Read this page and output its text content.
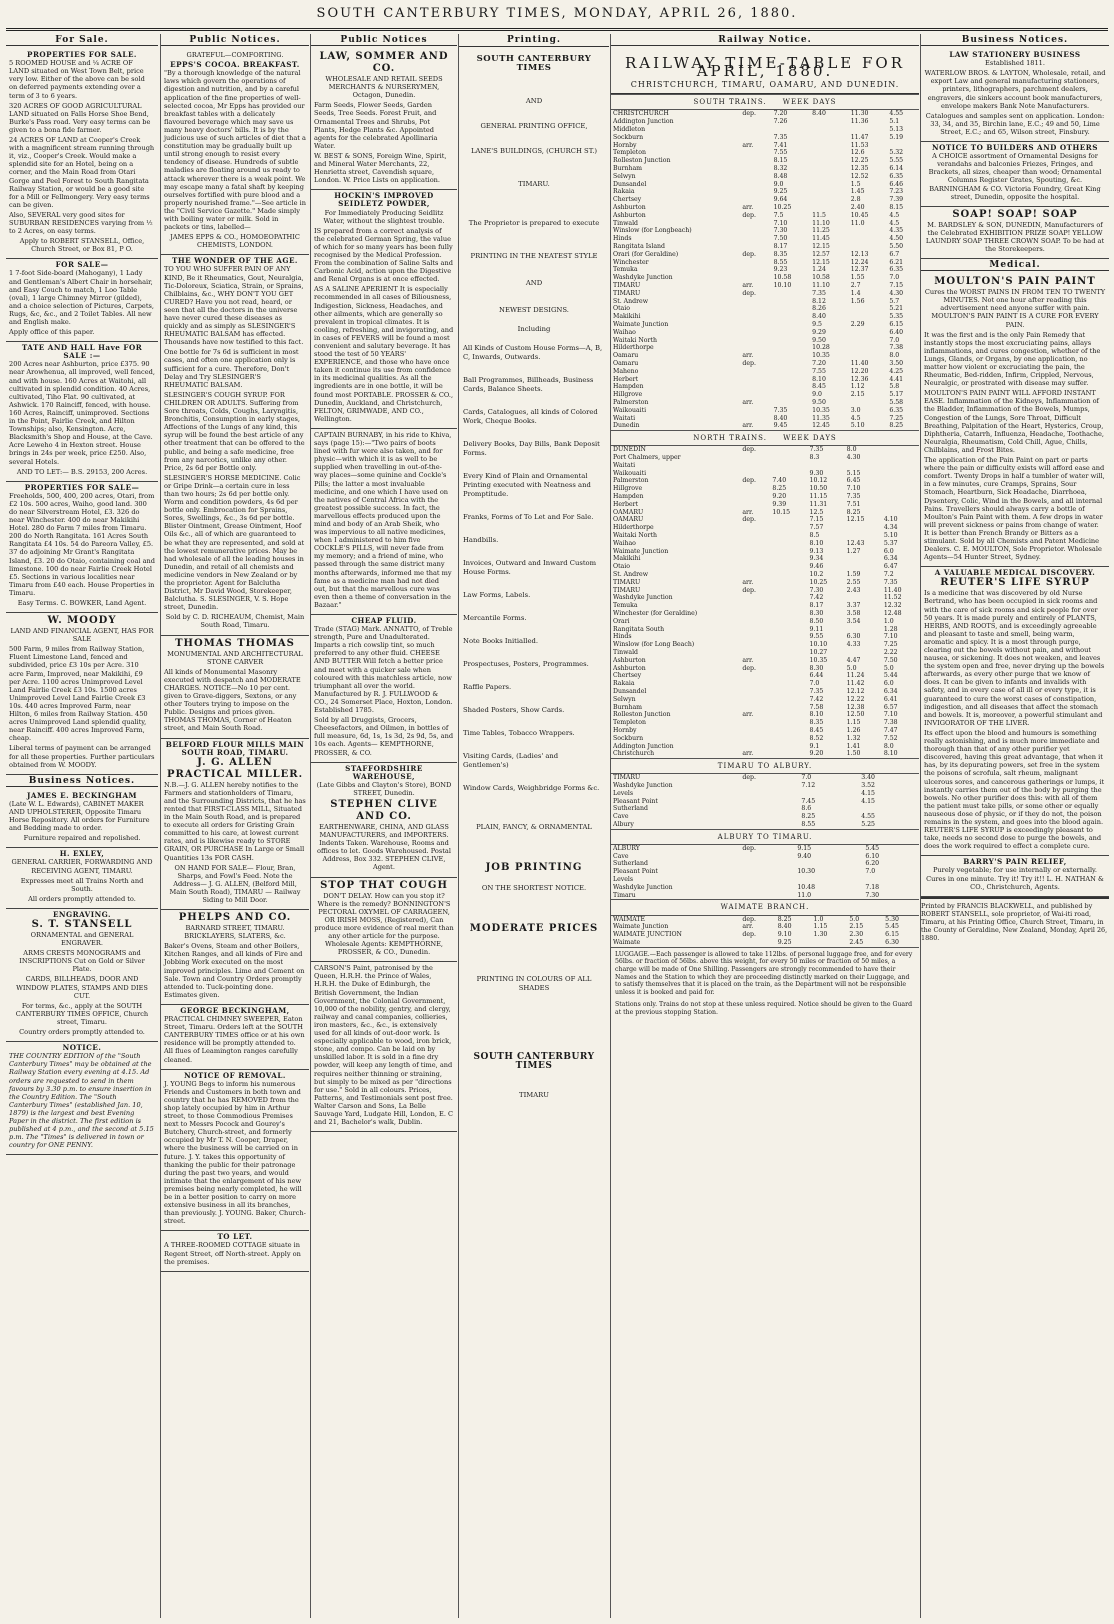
SOUTH CANTERBURY TIMES, MONDAY, APRIL 26, 1880.
For Sale.
PROPERTIES FOR SALE.

5 ROOMED HOUSE and ¼ ACRE OF LAND situated on West Town Belt, price very low. Either of the above can be sold on deferred payments extending over a term of 3 to 6 years.

320 ACRES OF GOOD AGRICULTURAL LAND situated on Falls Horse Shoe Bend, Burke's Pass road. Very easy terms can be given to a bona fide farmer.

24 ACRES OF LAND at Cooper's Creek with a magnificent stream running through it, viz., Cooper's Creek. Would make a splendid site for an Hotel, being on a corner, and the Main Road from Otari Gorge and Peel Forest to South Rangitata Railway Station, or would be a good site for a Mill or Fellmongery. Very easy terms can be given.

Also, SEVERAL very good sites for SUBURBAN RESIDENCES varying from ½ to 2 Acres, on easy terms.

Apply to ROBERT STANSELL, Office, Church Street, or Box 81, P O.

FOR SALE—

1 7-foot Side-board (Mahogany), 1 Lady and Gentleman's Albert Chair in horsehair, and Easy Couch to match, 1 Loo Table (oval), 1 large Chimney Mirror (gilded), and a choice selection of Pictures, Carpets, Rugs, &c, &c., and 2 Toilet Tables. All new and English make.

Apply office of this paper.

TATE AND HALL Have FOR SALE :—

200 Acres near Ashburton, price £375. 90 near Arowhenua, all improved, well fenced, and with house. 160 Acres at Waitohi, all cultivated in splendid condition. 40 Acres, cultivated, Tiho Flat. 90 cultivated, at Ashwick. 170 Rainciff, fenced, with house. 160 Acres, Rainciff, unimproved. Sections in the Point, Fairlie Creek, and Hilton Townships; also, Kensington. Acre, Blacksmith's Shop and House, at the Cave. Acre Leweho 4 in Hexton street. House brings in 24s per week, price £250. Also, several Hotels.

AND TO LET:— B.S. 29153, 200 Acres.

PROPERTIES FOR SALE—

Freeholds, 500, 400, 200 acres, Otari, from £2 10s. 500 acres, Waiho, good land. 300 do near Silverstream Hotel, £3. 326 do near Winchester. 400 do near Makikihi Hotel. 280 do Farm 7 miles from Timaru. 200 do North Rangitata. 161 Acres South Rangitata £4 10s. 54 do Pareora Valley, £5. 37 do adjoining Mr Grant's Rangitata Island, £3. 20 do Otaio, containing coal and limestone. 100 do near Fairlie Creek Hotel £5. Sections in various localities near Timaru from £40 each. House Properties in Timaru.

Easy Terms. C. BOWKER, Land Agent.

W. MOODY

LAND AND FINANCIAL AGENT, HAS FOR SALE

500 Farm, 9 miles from Railway Station, Fluent Limestone Land, fenced and subdivided, price £3 10s per Acre. 310 acre Farm, Improved, near Makikihi, £9 per Acre. 1100 acres Unimproved Level Land Fairlie Creek £3 10s. 1500 acres Unimproved Level Land Fairlie Creek £3 10s. 440 acres Improved Farm, near Hilton, 6 miles from Railway Station. 450 acres Unimproved Land splendid quality, near Rainciff. 400 acres Improved Farm, cheap.

Liberal terms of payment can be arranged for all these properties. Further particulars obtained from W. MOODY.

Business Notices.
JAMES E. BECKINGHAM

(Late W. L. Edwards), CABINET MAKER AND UPHOLSTERER, Opposite Timaru Horse Repository. All orders for Furniture and Bedding made to order.

Furniture repaired and repolished.

H. EXLEY,

GENERAL CARRIER, FORWARDING AND RECEIVING AGENT, TIMARU.

Expresses meet all Trains North and South.

All orders promptly attended to.

ENGRAVING.
S. T. STANSELL

ORNAMENTAL and GENERAL ENGRAVER.

ARMS CRESTS MONOGRAMS and INSCRIPTIONS Cut on Gold or Silver Plate.

CARDS, BILLHEADS, DOOR AND WINDOW PLATES, STAMPS AND DIES CUT.

For terms, &c., apply at the SOUTH CANTERBURY TIMES OFFICE, Church street, Timaru.

Country orders promptly attended to.

NOTICE.

THE COUNTRY EDITION of the "South Canterbury Times" may be obtained at the Railway Station every evening at 4.15. Ad orders are requested to send in them favours by 3.30 p.m. to ensure insertion in the Country Edition. The "South Canterbury Times" (established Jan. 10, 1879) is the largest and best Evening Paper in the district. The first edition is published at 4 p.m., and the second at 5.15 p.m. The "Times" is delivered in town or country for ONE PENNY.

Public Notices.

GRATEFUL—COMFORTING.

EPPS'S COCOA. BREAKFAST.

"By a thorough knowledge of the natural laws which govern the operations of digestion and nutrition, and by a careful application of the fine properties of well-selected cocoa, Mr Epps has provided our breakfast tables with a delicately flavoured beverage which may save us many heavy doctors' bills. It is by the judicious use of such articles of diet that a constitution may be gradually built up until strong enough to resist every tendency of disease. Hundreds of subtle maladies are floating around us ready to attack wherever there is a weak point. We may escape many a fatal shaft by keeping ourselves fortified with pure blood and a properly nourished frame."—See article in the "Civil Service Gazette." Made simply with boiling water or milk. Sold in packets or tins, labelled—

JAMES EPPS & CO., HOMOEOPATHIC CHEMISTS, LONDON.

THE WONDER OF THE AGE.

TO YOU WHO SUFFER PAIN OF ANY KIND, Be it Rheumatics, Gout, Neuralgia, Tic-Doloreux, Sciatica, Strain, or Sprains, Chilblains, &c., WHY DON'T YOU GET CURED? Have you not read, heard, or seen that all the doctors in the universe have never cured these diseases as quickly and as simply as SLESINGER'S RHEUMATIC BALSAM has effected. Thousands have now testified to this fact.

One bottle for 7s 6d is sufficient in most cases, and often one application only is sufficient for a cure. Therefore, Don't Delay and Try SLESINGER'S RHEUMATIC BALSAM.

SLESINGER'S COUGH SYRUP. FOR CHILDREN OR ADULTS. Suffering from Sore throats, Colds, Coughs, Laryngitis, Bronchitis, Consumption in early stages, Affections of the Lungs of any kind, this syrup will be found the best article of any other treatment that can be offered to the public, and being a safe medicine, free from any narcotics, unlike any other. Price, 2s 6d per Bottle only.

SLESINGER'S HORSE MEDICINE. Colic or Gripe Drink—a certain cure in less than two hours; 2s 6d per bottle only. Worm and condition powders, 4s 6d per bottle only. Embrocation for Sprains, Sores, Swellings, &c., 3s 6d per bottle. Blister Ointment, Grease Ointment, Hoof Oils &c., all of which are guaranteed to be what they are represented, and sold at the lowest remunerative prices. May be had wholesale of all the leading houses in Dunedin, and retail of all chemists and medicine vendors in New Zealand or by the proprietor. Agent for Balclutha District, Mr David Wood, Storekeeper, Balclutha. S. SLESINGER, V. S. Hope street, Dunedin.

Sold by C. D. RICHEAUM, Chemist, Main South Road, Timaru.

THOMAS THOMAS

MONUMENTAL AND ARCHITECTURAL STONE CARVER

All kinds of Monumental Masonry executed with despatch and MODERATE CHARGES. NOTICE—No 10 per cent. given to Grave-diggers, Sextons, or any other Touters trying to impose on the Public. Designs and prices given. THOMAS THOMAS, Corner of Heaton street, and Main South Road.

BELFORD FLOUR MILLS MAIN SOUTH ROAD, TIMARU.
J. G. ALLEN PRACTICAL MILLER.

N.B.—J. G. ALLEN hereby notifies to the Farmers and stationholders of Timaru, and the Surrounding Districts, that he has rented that FIRST-CLASS MILL, Situated in the Main South Road, and is prepared to execute all orders for Gristing Grain committed to his care, at lowest current rates, and is likewise ready to STORE GRAIN, OR PURCHASE In Large or Small Quantities 13s FOR CASH.

ON HAND FOR SALE— Flour, Bran, Sharps, and Fowl's Feed. Note the Address— J. G. ALLEN, (Belford Mill, Main South Road), TIMARU — Railway Siding to Mill Door.

PHELPS AND CO.

BARNARD STREET, TIMARU. BRICKLAYERS, SLATERS, &c.

Baker's Ovens, Steam and other Boilers, Kitchen Ranges, and all kinds of Fire and Jobbing Work executed on the most improved principles. Lime and Cement on Sale. Town and Country Orders promptly attended to. Tuck-pointing done. Estimates given.

GEORGE BECKINGHAM,

PRACTICAL CHIMNEY SWEEPER, Eaton Street, Timaru. Orders left at the SOUTH CANTERBURY TIMES office or at his own residence will be promptly attended to. All flues of Leamington ranges carefully cleaned.

NOTICE OF REMOVAL.

J. YOUNG Begs to inform his numerous Friends and Customers in both town and country that he has REMOVED from the shop lately occupied by him in Arthur street, to those Commodious Premises next to Messrs Pocock and Gourey's Butchery, Church-street, and formerly occupied by Mr T. N. Cooper, Draper, where the business will be carried on in future. J. Y. takes this opportunity of thanking the public for their patronage during the past two years, and would intimate that the enlargement of his new premises being nearly completed, he will be in a better position to carry on more extensive business in all its branches, than previously. J. YOUNG. Baker, Church-street.

TO LET.

A THREE-ROOMED COTTAGE situate in Regent Street, off North-street. Apply on the premises.

Public Notices
LAW, SOMMER AND CO.

WHOLESALE AND RETAIL SEEDS MERCHANTS & NURSERYMEN, Octagon, Dunedin.

Farm Seeds, Flower Seeds, Garden Seeds, Tree Seeds. Forest Fruit, and Ornamental Trees and Shrubs, Pot Plants, Hedge Plants &c. Appointed agents for the celebrated Apollinaria Water.

W. BEST & SONS, Foreign Wine, Spirit, and Mineral Water Merchants, 22, Henrietta street, Cavendish square, London. W. Price Lists on application.

HOCKIN'S IMPROVED SEIDLETZ POWDER,

For Immediately Producing Seidlitz Water, without the slightest trouble.

IS prepared from a correct analysis of the celebrated German Spring, the value of which for so many years has been fully recognised by the Medical Profession. From the combination of Saline Salts and Carbonic Acid, action upon the Digestive and Renal Organs is at once effected.

AS A SALINE APERIENT It is especially recommended in all cases of Biliousness, Indigestion, Sickness, Headaches, and other ailments, which are generally so prevalent in tropical climates. It is cooling, refreshing, and invigorating, and in cases of FEVERS will be found a most convenient and salutary beverage. It has stood the test of 50 YEARS' EXPERIENCE, and those who have once taken it continue its use from confidence in its medicinal qualities. As all the ingredients are in one bottle, it will be found most PORTABLE. PROSSER & CO., Dunedin, Auckland, and Christchurch, FELTON, GRIMWADE, AND CO., Wellington.

CAPTAIN BURNABY, in his ride to Khiva, says (page 15):—"Two pairs of boots lined with fur were also taken, and for physic—with which it is as well to be supplied when travelling in out-of-the-way places—some quinine and Cockle's Pills; the latter a most invaluable medicine, and one which I have used on the natives of Central Africa with the greatest possible success. In fact, the marvellous effects produced upon the mind and body of an Arab Sheik, who was impervious to all native medicines, when I administered to him five COCKLE'S PILLS, will never fade from my memory; and a friend of mine, who passed through the same district many months afterwards, informed me that my fame as a medicine man had not died out, but that the marvellous cure was even then a theme of conversation in the Bazaar."

CHEAP FLUID.

Trade (STAG) Mark. ANNATTO, of Treble strength, Pure and Unadulterated. Imparts a rich cowslip tint, so much preferred to any other fluid. CHEESE AND BUTTER Will fetch a better price and meet with a quicker sale when coloured with this matchless article, now triumphant all over the world. Manufactured by R. J. FULLWOOD & CO., 24 Somerset Place, Hoxton, London. Established 1785.

Sold by all Druggists, Grocers, Cheesefactors, and Oilmen, in bottles of full measure, 6d, 1s, 1s 3d, 2s 9d, 5s, and 10s each. Agents— KEMPTHORNE, PROSSER, & CO.

STAFFORDSHIRE WAREHOUSE,

(Late Gibbs and Clayton's Store), BOND STREET, Dunedin.

STEPHEN CLIVE AND CO.

EARTHENWARE, CHINA, AND GLASS MANUFACTURERS, and IMPORTERS. Indents Taken. Warehouse, Rooms and offices to let. Goods Warehoused. Postal Address, Box 332. STEPHEN CLIVE, Agent.

STOP THAT COUGH

DON'T DELAY. How can you stop it? Where is the remedy? BONNINGTON'S PECTORAL OXYMEL OF CARRAGEEN, OR IRISH MOSS, (Registered), Can produce more evidence of real merit than any other article for the purpose. Wholesale Agents: KEMPTHORNE, PROSSER, & CO., Dunedin.

CARSON'S Paint, patronised by the Queen, H.R.H. the Prince of Wales, H.R.H. the Duke of Edinburgh, the British Government, the Indian Government, the Colonial Government, 10,000 of the nobility, gentry, and clergy, railway and canal companies, collieries, iron masters, &c., &c., is extensively used for all kinds of out-door work. Is especially applicable to wood, iron brick, stone, and compo. Can be laid on by unskilled labor. It is sold in a fine dry powder, will keep any length of time, and requires neither thinning or straining, but simply to be mixed as per "directions for use." Sold in all colours. Prices, Patterns, and Testimonials sent post free. Walter Carson and Sons, La Belle Sauvage Yard, Ludgate Hill, London, E. C and 21, Bachelor's walk, Dublin.

Printing.
SOUTH CANTERBURY TIMES

AND

GENERAL PRINTING OFFICE,

LANE'S BUILDINGS, (CHURCH ST.)

TIMARU.

The Proprietor is prepared to execute

PRINTING IN THE NEATEST STYLE

AND

NEWEST DESIGNS.

Including

All Kinds of Custom House Forms—A, B, C, Inwards, Outwards.

Ball Programmes, Billheads, Business Cards, Balance Sheets.

Cards, Catalogues, all kinds of Colored Work, Cheque Books.

Delivery Books, Day Bills, Bank Deposit Forms.

Every Kind of Plain and Ornamental Printing executed with Neatness and Promptitude.

Franks, Forms of To Let and For Sale.

Handbills.

Invoices, Outward and Inward Custom House Forms.

Law Forms, Labels.

Mercantile Forms.

Note Books Initialled.

Prospectuses, Posters, Programmes.

Raffle Papers.

Shaded Posters, Show Cards.

Time Tables, Tobacco Wrappers.

Visiting Cards, (Ladies' and Gentlemen's)

Window Cards, Weighbridge Forms &c.

PLAIN, FANCY, & ORNAMENTAL

JOB PRINTING

ON THE SHORTEST NOTICE.

MODERATE PRICES

PRINTING IN COLOURS OF ALL SHADES

SOUTH CANTERBURY TIMES

TIMARU

Railway Notice.
RAILWAY TIME-TABLE FOR APRIL, 1880.
CHRISTCHURCH, TIMARU, OAMARU, AND DUNEDIN.
SOUTH TRAINS. WEEK DAYS
CHRISTCHURCH	dep.	7.20	8.40	11.30	4.55
Addington Junction		7.26		11.36	5.1
Middleton					5.13
Sockburn		7.35		11.47	5.19
Hornby	arr.	7.41		11.53	
Templeton		7.55		12.6	5.32
Rolleston Junction		8.15		12.25	5.55
Burnham		8.32		12.35	6.14
Selwyn		8.48		12.52	6.35
Dunsandel		9.0		1.5	6.46
Rakaia		9.25		1.45	7.23
Chertsey		9.64		2.8	7.39
Ashburton	arr.	10.25		2.40	8.15
Ashburton	dep.	7.5	11.5	10.45	4.5
Tinwald		7.10	11.10	11.0	4.5
Winslow (for Longbeach)		7.30	11.25		4.35
Hinds		7.50	11.45		4.50
Rangitata Island		8.17	12.15		5.50
Orari (for Geraldine)	dep.	8.35	12.57	12.13	6.7
Winchester		8.55	12.15	12.24	6.21
Temuka		9.23	1.24	12.37	6.35
Washdyke Junction		10.58	10.58	1.55	7.0
TIMARU	arr.	10.10	11.10	2.7	7.15
TIMARU	dep.		7.35	1.4	4.30
St. Andrew			8.12	1.56	5.7
Otaio			8.26		5.21
Makikihi			8.40		5.35
Waimate Junction			9.5	2.29	6.15
Waihao			9.29		6.40
Waitaki North			9.50		7.0
Hilderthorpe			10.28		7.38
Oamaru	arr.		10.35		8.0
Oamaru	dep.		7.20	11.40	3.50
Maheno			7.55	12.20	4.25
Herbert			8.10	12.36	4.41
Hampden			8.45	1.12	5.8
Hillgrove			9.0	2.15	5.17
Palmerston	arr.		9.50		5.58
Waikouaiti		7.35	10.35	3.0	6.35
Waitati		8.40	11.35	4.5	7.25
Dunedin	arr.	9.45	12.45	5.10	8.25
NORTH TRAINS. WEEK DAYS
DUNEDIN	dep.		7.35	8.0	
Port Chalmers, upper			8.3	4.30	
Waitati					
Waikouaiti			9.30	5.15	
Palmerston	dep.	7.40	10.12	6.45	
Hillgrove		8.25	10.50	7.10	
Hampden		9.20	11.15	7.35	
Herbert		9.39	11.31	7.51	
OAMARU	arr.	10.15	12.5	8.25	
OAMARU	dep.		7.15	12.15	4.10
Hilderthorpe			7.57		4.34
Waitaki North			8.5		5.10
Waihao			8.10	12.43	5.37
Waimate Junction			9.13	1.27	6.0
Makikihi			9.34		6.34
Otaio			9.46		6.47
St. Andrew			10.2	1.59	7.2
TIMARU	arr.		10.25	2.55	7.35
TIMARU	dep.		7.30	2.43	11.40
Washdyke Junction			7.42		11.52
Temuka			8.17	3.37	12.32
Winchester (for Geraldine)			8.30	3.58	12.48
Orari			8.50	3.54	1.0
Rangitata South			9.11		1.28
Hinds			9.55	6.30	7.10
Winslow (for Long Beach)			10.10	4.33	7.25
Tinwald			10.27		2.22
Ashburton	arr.		10.35	4.47	7.50
Ashburton	dep.		8.30	5.0	5.0
Chertsey			6.44	11.24	5.44
Rakaia			7.0	11.42	6.0
Dunsandel			7.35	12.12	6.34
Selwyn			7.42	12.22	6.41
Burnham			7.58	12.38	6.57
Rolleston Junction	arr.		8.10	12.50	7.10
Templeton			8.35	1.15	7.38
Hornby			8.45	1.26	7.47
Sockburn			8.52	1.32	7.52
Addington Junction			9.1	1.41	8.0
Christchurch	arr.		9.20	1.50	8.10
TIMARU TO ALBURY.
TIMARU	dep.	7.0	3.40
Washdyke Junction		7.12	3.52
Levels			4.15
Pleasant Point		7.45	4.15
Sutherland		8.6	
Cave		8.25	4.55
Albury		8.55	5.25
ALBURY TO TIMARU.
ALBURY	dep.	9.15	5.45
Cave		9.40	6.10
Sutherland			6.20
Pleasant Point		10.30	7.0
Levels			
Washdyke Junction		10.48	7.18
Timaru		11.0	7.30
WAIMATE BRANCH.
WAIMATE	dep.	8.25	1.0	5.0	5.30
Waimate Junction	arr.	8.40	1.15	2.15	5.45
WAIMATE JUNCTION	dep.	9.10	1.30	2.30	6.15
Waimate		9.25		2.45	6.30

LUGGAGE.—Each passenger is allowed to take 112lbs. of personal luggage free, and for every 56lbs. or fraction of 56lbs. above this weight, for every 50 miles or fraction of 50 miles, a charge will be made of One Shilling. Passengers are strongly recommended to have their Names and the Station to which they are proceeding distinctly marked on their Luggage, and to satisfy themselves that it is placed on the train, as the Department will not be responsible unless it is booked and paid for.

Stations only. Trains do not stop at these unless required. Notice should be given to the Guard at the previous stopping Station.

Business Notices.
LAW STATIONERY BUSINESS

Established 1811.

WATERLOW BROS. & LAYTON, Wholesale, retail, and export Law and general manufacturing stationers, printers, lithographers, parchment dealers, engravers, die sinkers account book manufacturers, envelope makers Bank Note Manufacturers.

Catalogues and samples sent on application. London: 33, 34, and 35, Birchin lane, E.C.; 49 and 50, Lime Street, E.C.; and 65, Wilson street, Finsbury.

NOTICE TO BUILDERS AND OTHERS

A CHOICE assortment of Ornamental Designs for verandahs and balconies Friezes, Fringes, and Brackets, all sizes, cheaper than wood; Ornamental Columns Register Grates, Spouting, &c. BARNINGHAM & CO. Victoria Foundry, Great King street, Dunedin, opposite the hospital.

SOAP! SOAP! SOAP

M. BARDSLEY & SON, DUNEDIN, Manufacturers of the Celebrated EXHIBITION PRIZE SOAP! YELLOW LAUNDRY SOAP THREE CROWN SOAP. To be had at the Storekeepers.

Medical.
MOULTON'S PAIN PAINT

Cures the WORST PAINS IN FROM TEN TO TWENTY MINUTES. Not one hour after reading this advertisement need anyone suffer with pain. MOULTON'S PAIN PAINT IS A CURE FOR EVERY PAIN.

It was the first and is the only Pain Remedy that instantly stops the most excruciating pains, allays inflammations, and cures congestion, whether of the Lungs, Glands, or Organs, by one application, no matter how violent or excruciating the pain, the Rheumatic, Bed-ridden, Infirm, Crippled, Nervous, Neuralgic, or prostrated with disease may suffer.

MOULTON'S PAIN PAINT WILL AFFORD INSTANT EASE. Inflammation of the Kidneys, Inflammation of the Bladder, Inflammation of the Bowels, Mumps, Congestion of the Lungs, Sore Throat, Difficult Breathing, Palpitation of the Heart, Hysterics, Croup, Diphtheria, Catarrh, Influenza, Headache, Toothache, Neuralgia, Rheumatism, Cold Chill, Ague, Chills, Chilblains, and Frost Bites.

The application of the Pain Paint on part or parts where the pain or difficulty exists will afford ease and comfort. Twenty Drops in half a tumbler of water will, in a few minutes, cure Cramps, Sprains, Sour Stomach, Heartburn, Sick Headache, Diarrhoea, Dysentery, Colic, Wind in the Bowels, and all internal Pains. Travellers should always carry a bottle of Moulton's Pain Paint with them. A few drops in water will prevent sickness or pains from change of water. It is better than French Brandy or Bitters as a stimulant. Sold by all Chemists and Patent Medicine Dealers. C. E. MOULTON, Sole Proprietor. Wholesale Agents—54 Hunter Street, Sydney.

A VALUABLE MEDICAL DISCOVERY.
REUTER'S LIFE SYRUP

Is a medicine that was discovered by old Nurse Bertrand, who has been occupied in sick rooms and with the care of sick rooms and sick people for over 50 years. It is made purely and entirely of PLANTS, HERBS, AND ROOTS, and is exceedingly agreeable and pleasant to taste and smell, being warm, aromatic and spicy. It is a most through purge, clearing out the bowels without pain, and without nausea, or sickening. It does not weaken, and leaves the system open and free, never drying up the bowels afterwards, as every other purge that we know of does. It can be given to infants and invalids with safety, and in every case of all ill or every type, it is guaranteed to cure the worst cases of constipation, indigestion, and all diseases that affect the stomach and bowels. It is, moreover, a powerful stimulant and INVIGORATOR OF THE LIVER.

Its effect upon the blood and humours is something really astonishing, and is much more immediate and thorough than that of any other purifier yet discovered, having this great advantage, that when it has, by its depurating powers, set free in the system the poisons of scrofula, salt rheum, malignant ulcerous sores, and cancerous gatherings or lumps, it instantly carries them out of the body by purging the bowels. No other purifier does this: with all of them the patient must take pills, or some other or equally nauseous dose of physic, or if they do not, the poison remains in the system, and goes into the blood again. REUTER'S LIFE SYRUP is exceedingly pleasant to take, needs no second dose to purge the bowels, and does the work required to effect a complete cure.

BARRY'S PAIN RELIEF,

Purely vegetable; for use internally or externally. Cures in one minute. Try it! Try it!! L. H. NATHAN & CO., Christchurch, Agents.

Printed by FRANCIS BLACKWELL, and published by ROBERT STANSELL, sole proprietor, of Wai-iti road, Timaru, at his Printing Office, Church Street, Timaru, in the County of Geraldine, New Zealand, Monday, April 26, 1880.
